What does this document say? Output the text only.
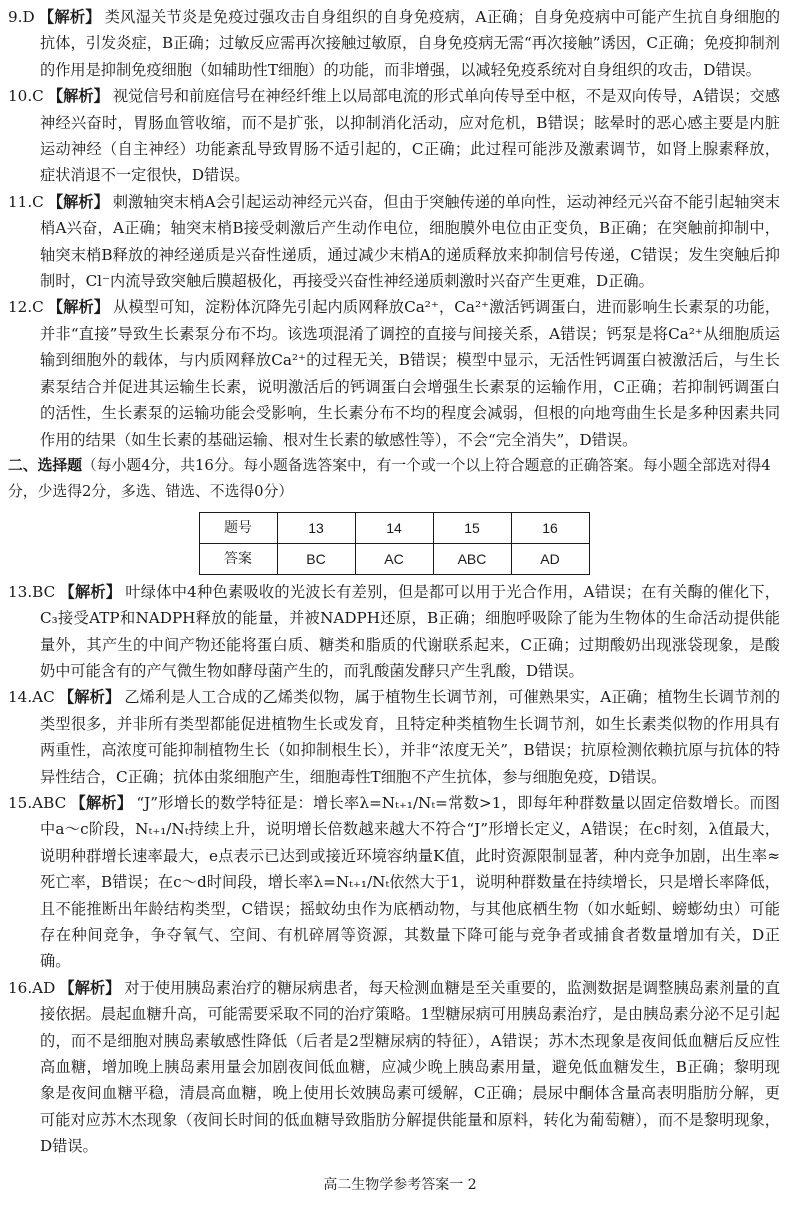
9.D 【解析】 类风湿关节炎是免疫过强攻击自身组织的自身免疫病，A正确；自身免疫病中可能产生抗自身细胞的抗体，引发炎症，B正确；过敏反应需再次接触过敏原，自身免疫病无需“再次接触”诱因，C正确；免疫抑制剂的作用是抑制免疫细胞（如辅助性T细胞）的功能，而非增强，以减轻免疫系统对自身组织的攻击，D错误。

10.C 【解析】 视觉信号和前庭信号在神经纤维上以局部电流的形式单向传导至中枢，不是双向传导，A错误；交感神经兴奋时，胃肠血管收缩，而不是扩张，以抑制消化活动，应对危机，B错误；眩晕时的恶心感主要是内脏运动神经（自主神经）功能紊乱导致胃肠不适引起的，C正确；此过程可能涉及激素调节，如肾上腺素释放，症状消退不一定很快，D错误。

11.C 【解析】 刺激轴突末梢A会引起运动神经元兴奋，但由于突触传递的单向性，运动神经元兴奋不能引起轴突末梢A兴奋，A正确；轴突末梢B接受刺激后产生动作电位，细胞膜外电位由正变负，B正确；在突触前抑制中，轴突末梢B释放的神经递质是兴奋性递质，通过减少末梢A的递质释放来抑制信号传递，C错误；发生突触后抑制时，Cl⁻内流导致突触后膜超极化，再接受兴奋性神经递质刺激时兴奋产生更难，D正确。

12.C 【解析】 从模型可知，淀粉体沉降先引起内质网释放Ca²⁺，Ca²⁺激活钙调蛋白，进而影响生长素泵的功能，并非“直接”导致生长素泵分布不均。该选项混淆了调控的直接与间接关系，A错误；钙泵是将Ca²⁺从细胞质运输到细胞外的载体，与内质网释放Ca²⁺的过程无关，B错误；模型中显示，无活性钙调蛋白被激活后，与生长素泵结合并促进其运输生长素，说明激活后的钙调蛋白会增强生长素泵的运输作用，C正确；若抑制钙调蛋白的活性，生长素泵的运输功能会受影响，生长素分布不均的程度会减弱，但根的向地弯曲生长是多种因素共同作用的结果（如生长素的基础运输、根对生长素的敏感性等），不会“完全消失”，D错误。

二、选择题（每小题4分，共16分。每小题备选答案中，有一个或一个以上符合题意的正确答案。每小题全部选对得4分，少选得2分，多选、错选、不选得0分）

题号	13	14	15	16
答案	BC	AC	ABC	AD

13.BC 【解析】 叶绿体中4种色素吸收的光波长有差别，但是都可以用于光合作用，A错误；在有关酶的催化下，C₃接受ATP和NADPH释放的能量，并被NADPH还原，B正确；细胞呼吸除了能为生物体的生命活动提供能量外，其产生的中间产物还能将蛋白质、糖类和脂质的代谢联系起来，C正确；过期酸奶出现涨袋现象，是酸奶中可能含有的产气微生物如酵母菌产生的，而乳酸菌发酵只产生乳酸，D错误。

14.AC 【解析】 乙烯利是人工合成的乙烯类似物，属于植物生长调节剂，可催熟果实，A正确；植物生长调节剂的类型很多，并非所有类型都能促进植物生长或发育，且特定种类植物生长调节剂，如生长素类似物的作用具有两重性，高浓度可能抑制植物生长（如抑制根生长），并非“浓度无关”，B错误；抗原检测依赖抗原与抗体的特异性结合，C正确；抗体由浆细胞产生，细胞毒性T细胞不产生抗体，参与细胞免疫，D错误。

15.ABC 【解析】 “J”形增长的数学特征是：增长率λ=Nₜ₊₁/Nₜ=常数>1，即每年种群数量以固定倍数增长。而图中a～c阶段，Nₜ₊₁/Nₜ持续上升，说明增长倍数越来越大不符合“J”形增长定义，A错误；在c时刻，λ值最大，说明种群增长速率最大，e点表示已达到或接近环境容纳量K值，此时资源限制显著，种内竞争加剧，出生率≈死亡率，B错误；在c～d时间段，增长率λ=Nₜ₊₁/Nₜ依然大于1，说明种群数量在持续增长，只是增长率降低，且不能推断出年龄结构类型，C错误；摇蚊幼虫作为底栖动物，与其他底栖生物（如水蚯蚓、螃蟛幼虫）可能存在种间竞争，争夺氧气、空间、有机碎屑等资源，其数量下降可能与竞争者或捕食者数量增加有关，D正确。

16.AD 【解析】 对于使用胰岛素治疗的糖尿病患者，每天检测血糖是至关重要的，监测数据是调整胰岛素剂量的直接依据。晨起血糖升高，可能需要采取不同的治疗策略。1型糖尿病可用胰岛素治疗，是由胰岛素分泌不足引起的，而不是细胞对胰岛素敏感性降低（后者是2型糖尿病的特征），A错误；苏木杰现象是夜间低血糖后反应性高血糖，增加晚上胰岛素用量会加剧夜间低血糖，应减少晚上胰岛素用量，避免低血糖发生，B正确；黎明现象是夜间血糖平稳，清晨高血糖，晚上使用长效胰岛素可缓解，C正确；晨尿中酮体含量高表明脂肪分解，更可能对应苏木杰现象（夜间长时间的低血糖导致脂肪分解提供能量和原料，转化为葡萄糖），而不是黎明现象，D错误。

高二生物学参考答案一 2
